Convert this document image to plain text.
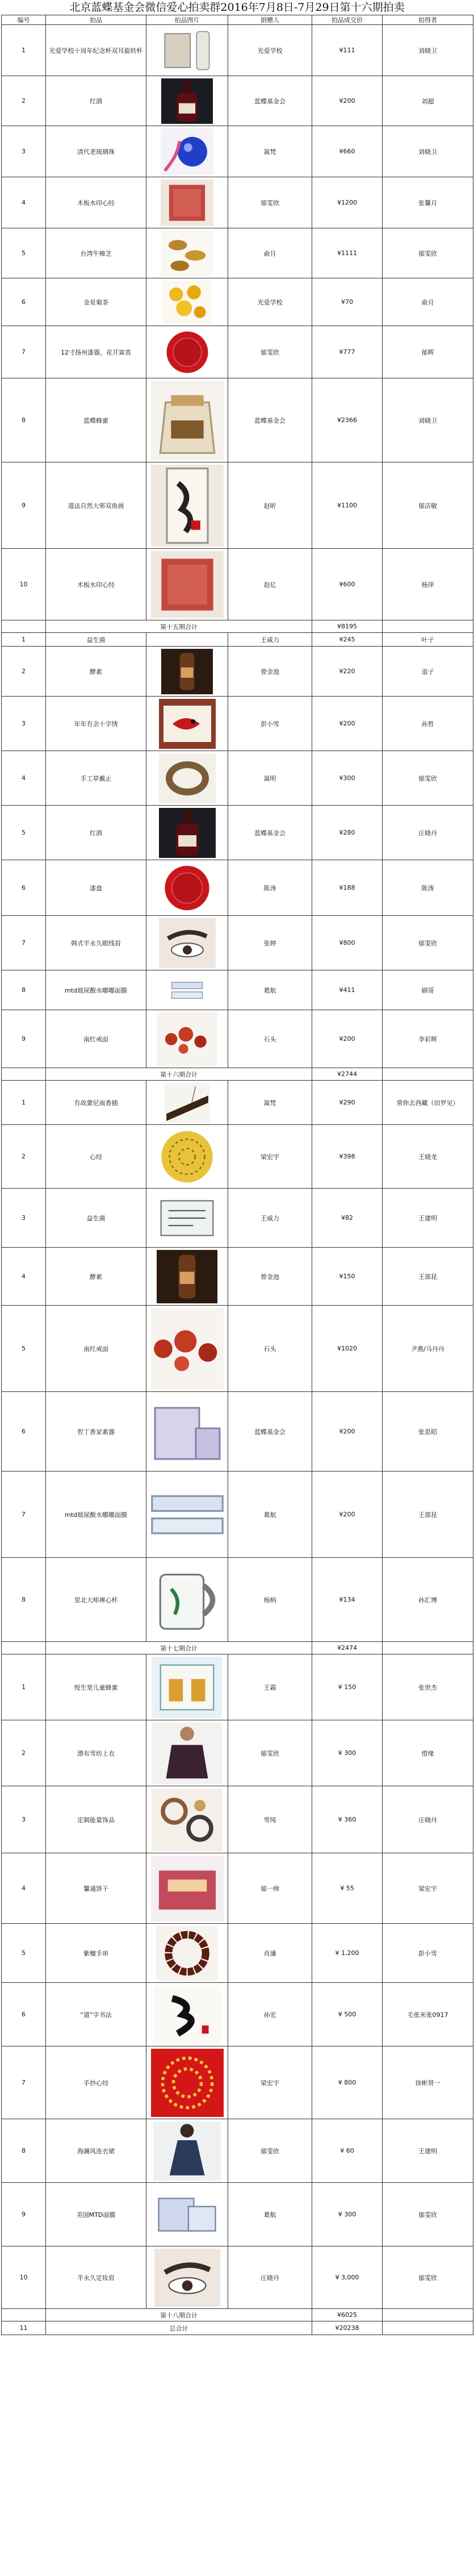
北京蓝蝶基金会微信爱心拍卖群2016年7月8日-7月29日第十六期拍卖
编号	拍品	拍品图片	捐赠人	拍品成交价	拍得者
1	光爱学校十周年纪念杯双耳旋转杯		光爱学校	¥111	刘晓卫
2	红酒		蓝蝶基金会	¥200	刘超
3	清代老琉璃珠		嵩梵	¥660	刘晓卫
4	木板水印心经		郁雯欣	¥1200	张馨月
5	台湾牛樟芝		俞月	¥1111	郁雯欣
6	金星菊茶		光爱学校	¥70	俞月
7	12寸扬州漆器，花开富贵		郁雯欣	¥777	郁辉
8	蓝蝶蜂蜜		蓝蝶基金会	¥2366	刘晓卫
9	道法自然大邨双鱼画		赵昕	¥1100	郁洁敏
10	木板水印心经		赵亿	¥600	杨萍
	第十五期合计			¥8195	
1	益生菌		王威力	¥245	叶子
2	酵素		曾金池	¥220	追子
3	年年有余十字绣		彭小雪	¥200	孙哲
4	手工草戴止		嵩明	¥300	郁雯欣
5	红酒		蓝蝶基金会	¥280	庄晓丹
6	漆盘		陈涛	¥188	陈涛
7	韩式半永久眼线眉		张婷	¥800	郁雯欣
8	mtd玻尿酸水嘟嘟面膜		葛航	¥411	刷哥
9	南红戒面		石头	¥200	李彩辉
	第十六期合计			¥2744	
1	有故蒙尼南香插		嵩梵	¥290	常你去西藏（田罗见）
2	心经		梁宏宇	¥398	王晓龙
3	益生菌		王威力	¥82	王建明
4	酵素		曾金池	¥150	王部昆
5	南红戒面		石头	¥1020	尹燕/马丹丹
6	哲丁香家素器		蓝蝶基金会	¥200	张思昭
7	mtd玻尿酸水嘟嘟面膜		葛航	¥200	王部昆
8	里北大师禅心杯		杨柄	¥134	孙汇博
	第十七期合计			¥2474	
1	悦生堂儿童蜂蜜		王霜	¥ 150	张世杰
2	漂布雪纺上衣		郁雯欣	¥ 300	惜缘
3	定制能量饰品		雪纯	¥ 360	庄晓丹
4	馨通饼干		郁一帅	¥ 55	梁宏宇
5	紫檀手串		肖潘	¥ 1,200	彭小雪
6	“道”字书法		孙宏	¥ 500	毛张米张0917
7	手抄心经		梁宏宇	¥ 800	徐彬贤一
8	海澜风连衣裙		郁雯欣	¥ 60	王建明
9	美国MTD面膜		葛航	¥ 300	郁雯欣
10	半永久定妆眉		庄晓丹	¥ 3,000	郁雯欣
	第十八期合计			¥6025	
11	总合计			¥20238	
